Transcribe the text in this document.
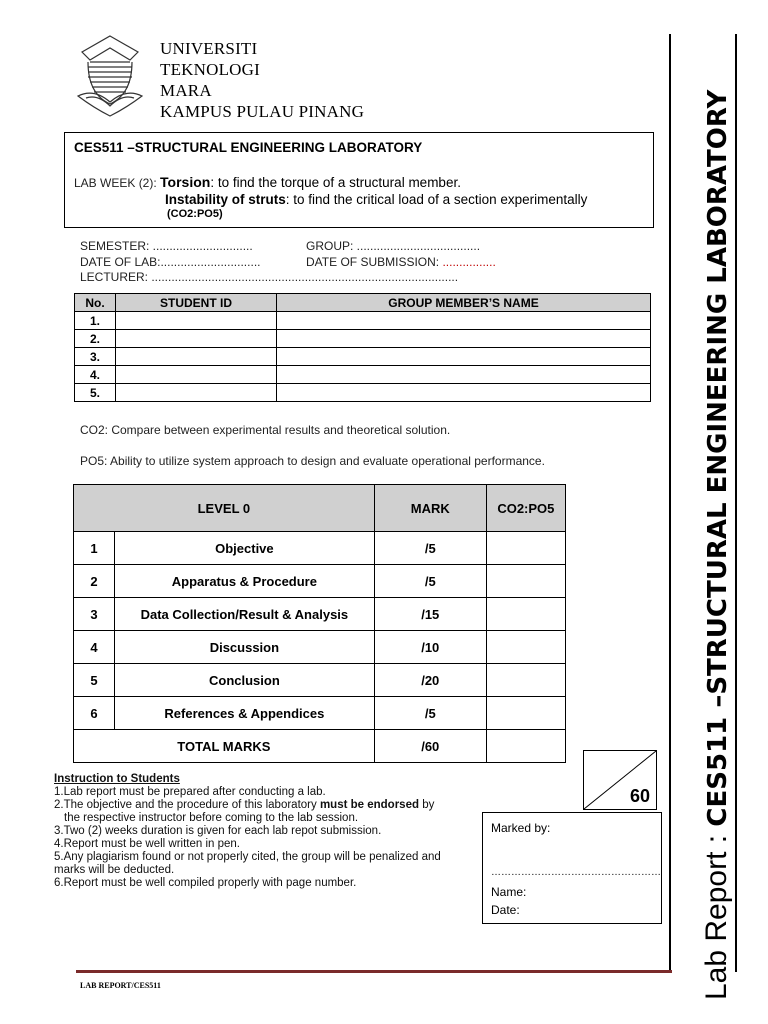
UNIVERSITI
TEKNOLOGI
MARA
KAMPUS PULAU PINANG
CES511 –STRUCTURAL ENGINEERING LABORATORY
LAB WEEK (2): Torsion: to find the torque of a structural member.
Instability of struts: to find the critical load of a section experimentally
(CO2:PO5)
SEMESTER: ..............................	GROUP: .....................................
DATE OF LAB:..............................	DATE OF SUBMISSION: ................
LECTURER: ............................................................................................
No.	STUDENT ID	GROUP MEMBER’S NAME
1.		
2.		
3.		
4.		
5.		
CO2: Compare between experimental results and theoretical solution.
PO5: Ability to utilize system approach to design and evaluate operational performance.
LEVEL 0		MARK	CO2:PO5
1	Objective	/5	
2	Apparatus & Procedure	/5	
3	Data Collection/Result & Analysis	/15	
4	Discussion	/10	
5	Conclusion	/20	
6	References & Appendices	/5	
TOTAL MARKS		/60	
Instruction to Students
1.Lab report must be prepared after conducting a lab.
2.The objective and the procedure of this laboratory must be endorsed by
the respective instructor before coming to the lab session.
3.Two (2) weeks duration is given for each lab repot submission.
4.Report must be well written in pen.
5.Any plagiarism found or not properly cited, the group will be penalized and
marks will be deducted.
6.Report must be well compiled properly with page number.
60
Marked by:
……………………………………………
Name:
Date:	Lab Report : CES511 –STRUCTURAL ENGINEERING LABORATORY
LAB REPORT/CES511
